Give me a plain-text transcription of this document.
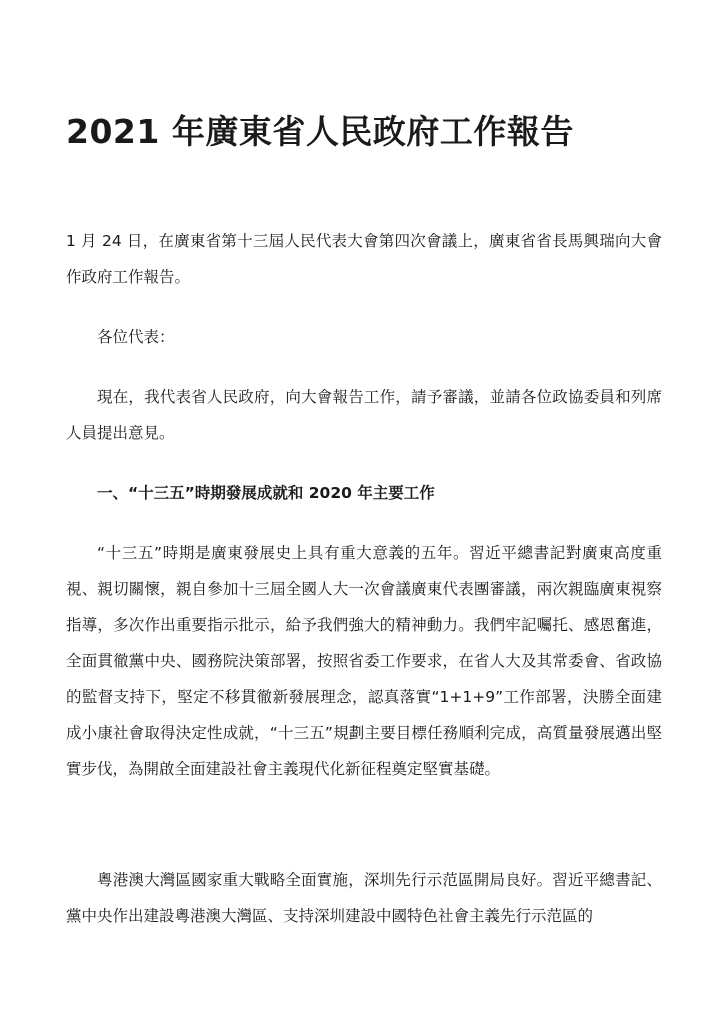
2021 年廣東省人民政府工作報告

1 月 24 日，在廣東省第十三屆人民代表大會第四次會議上，廣東省省長馬興瑞向大會作政府工作報告。

各位代表：

現在，我代表省人民政府，向大會報告工作，請予審議，並請各位政協委員和列席人員提出意見。

一、“十三五”時期發展成就和 2020 年主要工作

“十三五”時期是廣東發展史上具有重大意義的五年。習近平總書記對廣東高度重視、親切關懷，親自參加十三屆全國人大一次會議廣東代表團審議，兩次親臨廣東視察指導，多次作出重要指示批示，給予我們強大的精神動力。我們牢記囑托、感恩奮進，全面貫徹黨中央、國務院決策部署，按照省委工作要求，在省人大及其常委會、省政協的監督支持下，堅定不移貫徹新發展理念，認真落實“1+1+9”工作部署，決勝全面建成小康社會取得決定性成就，“十三五”規劃主要目標任務順利完成，高質量發展邁出堅實步伐，為開啟全面建設社會主義現代化新征程奠定堅實基礎。

粵港澳大灣區國家重大戰略全面實施，深圳先行示范區開局良好。習近平總書記、黨中央作出建設粵港澳大灣區、支持深圳建設中國特色社會主義先行示范區的
